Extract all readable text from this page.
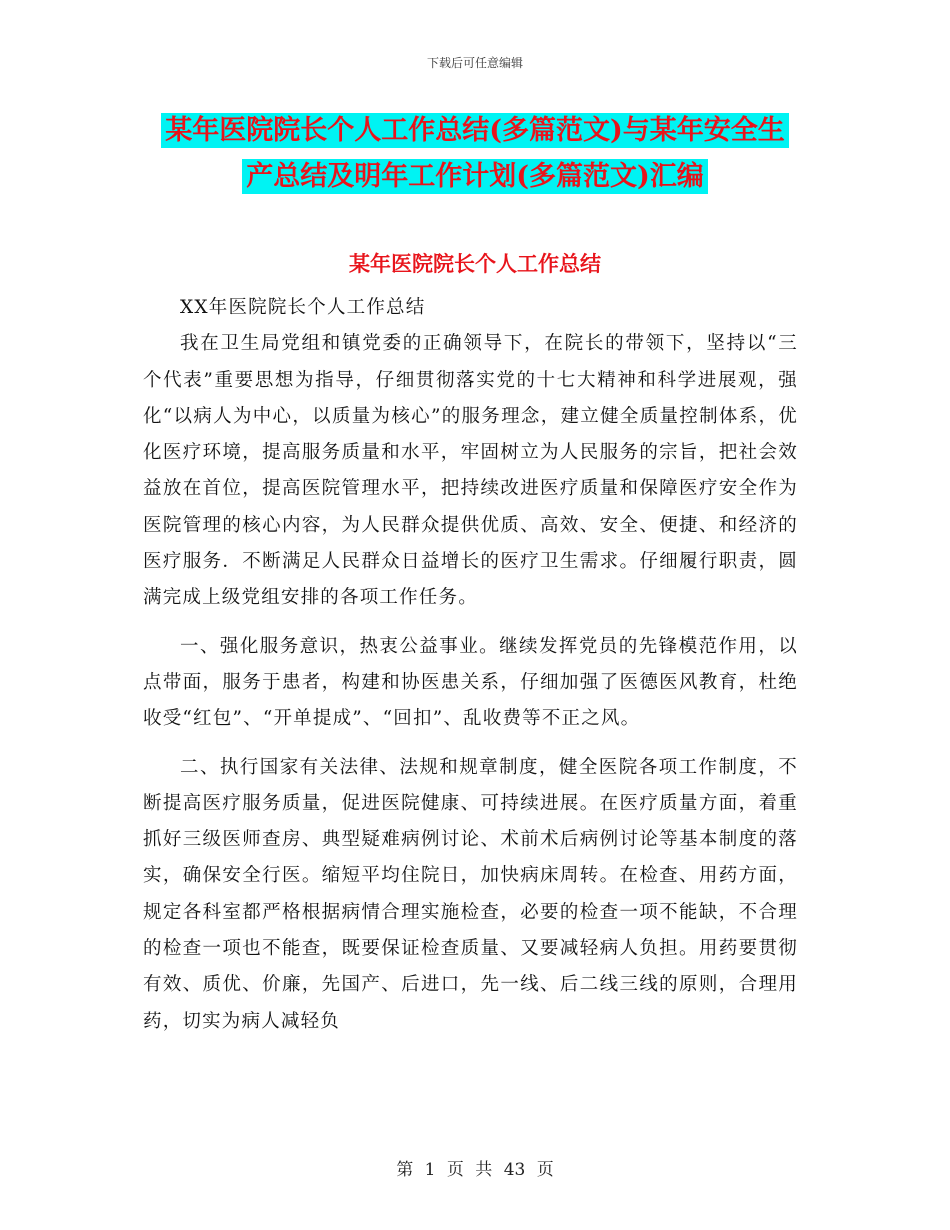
下载后可任意编辑
某年医院院长个人工作总结(多篇范文)与某年安全生
产总结及明年工作计划(多篇范文)汇编
某年医院院长个人工作总结

XX年医院院长个人工作总结

我在卫生局党组和镇党委的正确领导下，在院长的带领下，坚持以“三个代表”重要思想为指导，仔细贯彻落实党的十七大精神和科学进展观，强化“以病人为中心，以质量为核心”的服务理念，建立健全质量控制体系，优化医疗环境，提高服务质量和水平，牢固树立为人民服务的宗旨，把社会效益放在首位，提高医院管理水平，把持续改进医疗质量和保障医疗安全作为医院管理的核心内容，为人民群众提供优质、高效、安全、便捷、和经济的医疗服务．不断满足人民群众日益增长的医疗卫生需求。仔细履行职责，圆满完成上级党组安排的各项工作任务。

一、强化服务意识，热衷公益事业。继续发挥党员的先锋模范作用，以点带面，服务于患者，构建和协医患关系，仔细加强了医德医风教育，杜绝收受“红包”、“开单提成”、“回扣”、乱收费等不正之风。

二、执行国家有关法律、法规和规章制度，健全医院各项工作制度，不断提高医疗服务质量，促进医院健康、可持续进展。在医疗质量方面，着重抓好三级医师查房、典型疑难病例讨论、术前术后病例讨论等基本制度的落实，确保安全行医。缩短平均住院日，加快病床周转。在检查、用药方面，规定各科室都严格根据病情合理实施检查，必要的检查一项不能缺，不合理的检查一项也不能查，既要保证检查质量、又要减轻病人负担。用药要贯彻有效、质优、价廉，先国产、后进口，先一线、后二线三线的原则，合理用药，切实为病人减轻负

第 1 页 共 43 页
